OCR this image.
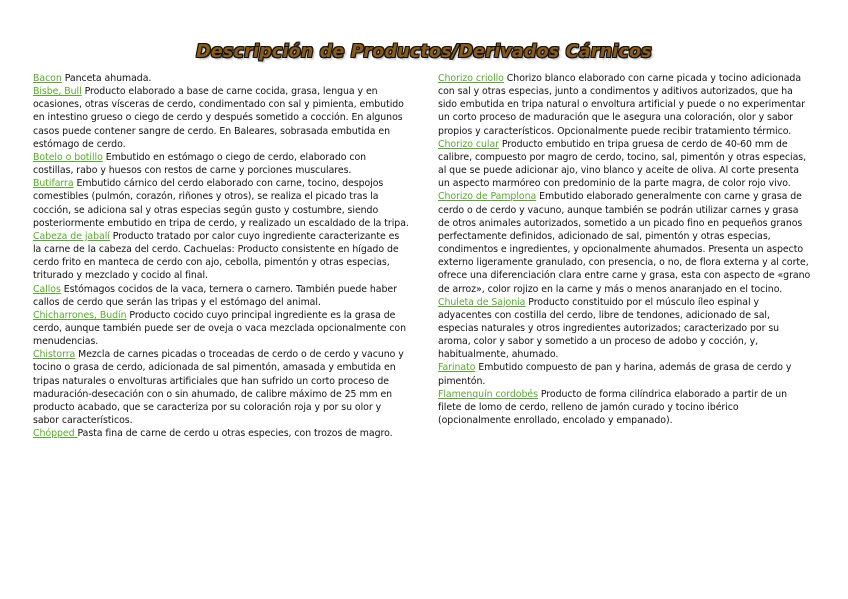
Descripción de Productos/Derivados Cárnicos

Bacon Panceta ahumada.

Bisbe, Bull Producto elaborado a base de carne cocida, grasa, lengua y en ocasiones, otras vísceras de cerdo, condimentado con sal y pimienta, embutido en intestino grueso o ciego de cerdo y después sometido a cocción. En algunos casos puede contener sangre de cerdo. En Baleares, sobrasada embutida en estómago de cerdo.

Botelo o botillo Embutido en estómago o ciego de cerdo, elaborado con costillas, rabo y huesos con restos de carne y porciones musculares.

Butifarra Embutido cárnico del cerdo elaborado con carne, tocino, despojos comestibles (pulmón, corazón, riñones y otros), se realiza el picado tras la cocción, se adiciona sal y otras especias según gusto y costumbre, siendo posteriormente embutido en tripa de cerdo, y realizado un escaldado de la tripa.

Cabeza de jabalí Producto tratado por calor cuyo ingrediente caracterizante es la carne de la cabeza del cerdo. Cachuelas: Producto consistente en hígado de cerdo frito en manteca de cerdo con ajo, cebolla, pimentón y otras especias, triturado y mezclado y cocido al final.

Callos Estómagos cocidos de la vaca, ternera o carnero. También puede haber callos de cerdo que serán las tripas y el estómago del animal.

Chicharrones, Budín Producto cocido cuyo principal ingrediente es la grasa de cerdo, aunque también puede ser de oveja o vaca mezclada opcionalmente con menudencias.

Chistorra Mezcla de carnes picadas o troceadas de cerdo o de cerdo y vacuno y tocino o grasa de cerdo, adicionada de sal pimentón, amasada y embutida en tripas naturales o envolturas artificiales que han sufrido un corto proceso de maduración-desecación con o sin ahumado, de calibre máximo de 25 mm en producto acabado, que se caracteriza por su coloración roja y por su olor y sabor característicos.

Chópped Pasta fina de carne de cerdo u otras especies, con trozos de magro.

Chorizo criollo Chorizo blanco elaborado con carne picada y tocino adicionada con sal y otras especias, junto a condimentos y aditivos autorizados, que ha sido embutida en tripa natural o envoltura artificial y puede o no experimentar un corto proceso de maduración que le asegura una coloración, olor y sabor propios y característicos. Opcionalmente puede recibir tratamiento térmico.

Chorizo cular Producto embutido en tripa gruesa de cerdo de 40-60 mm de calibre, compuesto por magro de cerdo, tocino, sal, pimentón y otras especias, al que se puede adicionar ajo, vino blanco y aceite de oliva. Al corte presenta un aspecto marmóreo con predominio de la parte magra, de color rojo vivo.

Chorizo de Pamplona Embutido elaborado generalmente con carne y grasa de cerdo o de cerdo y vacuno, aunque también se podrán utilizar carnes y grasa de otros animales autorizados, sometido a un picado fino en pequeños granos perfectamente definidos, adicionado de sal, pimentón y otras especias, condimentos e ingredientes, y opcionalmente ahumados. Presenta un aspecto externo ligeramente granulado, con presencia, o no, de flora externa y al corte, ofrece una diferenciación clara entre carne y grasa, esta con aspecto de «grano de arroz», color rojizo en la carne y más o menos anaranjado en el tocino.

Chuleta de Sajonia Producto constituido por el músculo íleo espinal y adyacentes con costilla del cerdo, libre de tendones, adicionado de sal, especias naturales y otros ingredientes autorizados; caracterizado por su aroma, color y sabor y sometido a un proceso de adobo y cocción, y, habitualmente, ahumado.

Farinato Embutido compuesto de pan y harina, además de grasa de cerdo y pimentón.

Flamenquín cordobés Producto de forma cilíndrica elaborado a partir de un filete de lomo de cerdo, relleno de jamón curado y tocino ibérico (opcionalmente enrollado, encolado y empanado).
